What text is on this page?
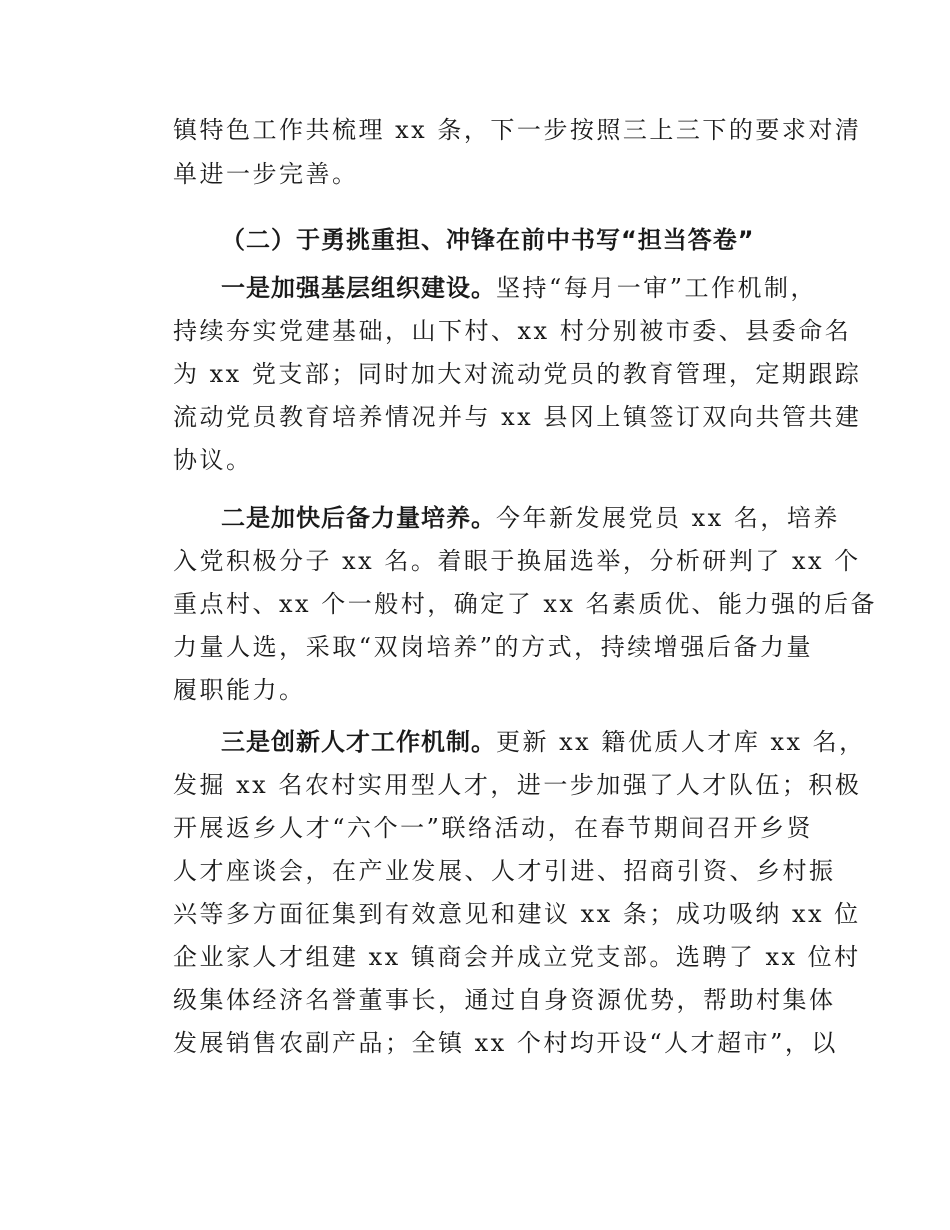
镇特色工作共梳理 xx 条，下一步按照三上三下的要求对清
单进一步完善。
（二）于勇挑重担、冲锋在前中书写“担当答卷”
一是加强基层组织建设。坚持“每月一审”工作机制，
持续夯实党建基础，山下村、xx 村分别被市委、县委命名
为 xx 党支部；同时加大对流动党员的教育管理，定期跟踪
流动党员教育培养情况并与 xx 县冈上镇签订双向共管共建
协议。
二是加快后备力量培养。今年新发展党员 xx 名，培养
入党积极分子 xx 名。着眼于换届选举，分析研判了 xx 个
重点村、xx 个一般村，确定了 xx 名素质优、能力强的后备
力量人选，采取“双岗培养”的方式，持续增强后备力量
履职能力。
三是创新人才工作机制。更新 xx 籍优质人才库 xx 名，
发掘 xx 名农村实用型人才，进一步加强了人才队伍；积极
开展返乡人才“六个一”联络活动，在春节期间召开乡贤
人才座谈会，在产业发展、人才引进、招商引资、乡村振
兴等多方面征集到有效意见和建议 xx 条；成功吸纳 xx 位
企业家人才组建 xx 镇商会并成立党支部。选聘了 xx 位村
级集体经济名誉董事长，通过自身资源优势，帮助村集体
发展销售农副产品；全镇 xx 个村均开设“人才超市”，以
